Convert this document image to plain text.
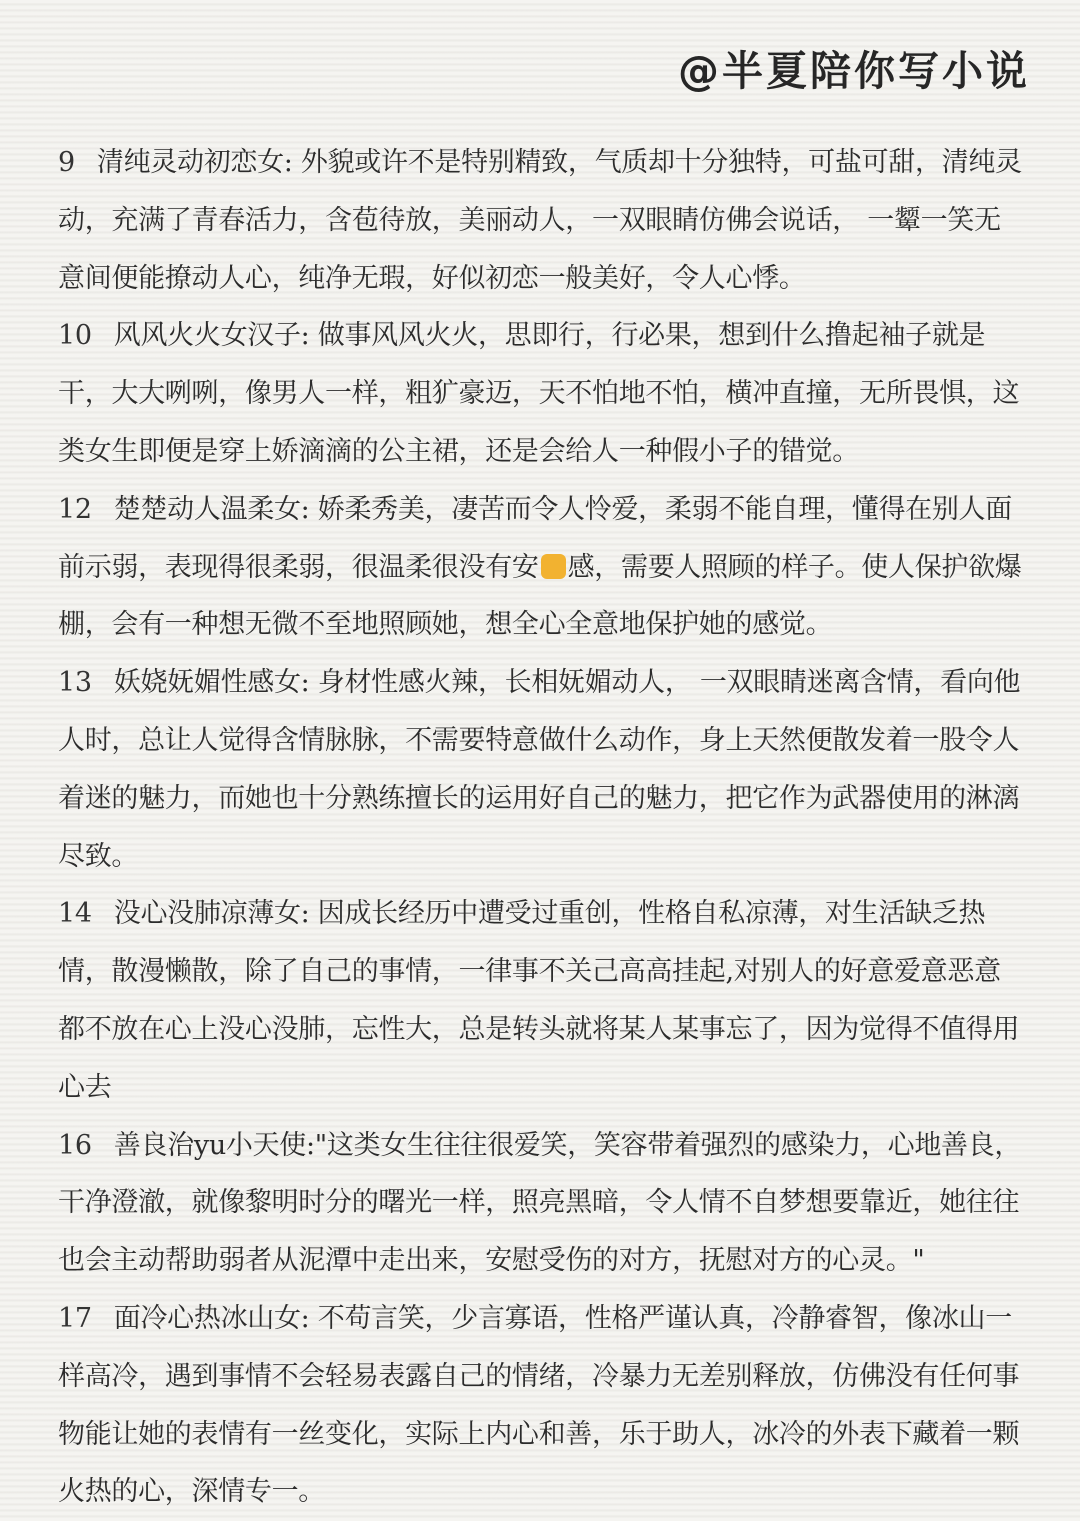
@半夏陪你写小说

9 清纯灵动初恋女: 外貌或许不是特别精致，气质却十分独特，可盐可甜，清纯灵动，充满了青春活力，含苞待放，美丽动人，一双眼睛仿佛会说话， 一颦一笑无意间便能撩动人心，纯净无瑕，好似初恋一般美好，令人心悸。

10 风风火火女汉子: 做事风风火火，思即行，行必果，想到什么撸起袖子就是干，大大咧咧，像男人一样，粗犷豪迈，天不怕地不怕，横冲直撞，无所畏惧，这类女生即便是穿上娇滴滴的公主裙，还是会给人一种假小子的错觉。

12 楚楚动人温柔女: 娇柔秀美，凄苦而令人怜爱，柔弱不能自理，懂得在别人面前示弱，表现得很柔弱，很温柔很没有安 感，需要人照顾的样子。使人保护欲爆棚，会有一种想无微不至地照顾她，想全心全意地保护她的感觉。

13 妖娆妩媚性感女: 身材性感火辣，长相妩媚动人， 一双眼睛迷离含情，看向他人时，总让人觉得含情脉脉，不需要特意做什么动作，身上天然便散发着一股令人着迷的魅力，而她也十分熟练擅长的运用好自己的魅力，把它作为武器使用的淋漓尽致。

14 没心没肺凉薄女: 因成长经历中遭受过重创，性格自私凉薄，对生活缺乏热情，散漫懒散，除了自己的事情，一律事不关己高高挂起,对别人的好意爱意恶意都不放在心上没心没肺，忘性大，总是转头就将某人某事忘了，因为觉得不值得用心去

16 善良治yu小天使:"这类女生往往很爱笑，笑容带着强烈的感染力，心地善良，干净澄澈，就像黎明时分的曙光一样，照亮黑暗，令人情不自梦想要靠近，她往往也会主动帮助弱者从泥潭中走出来，安慰受伤的对方，抚慰对方的心灵。"

17 面冷心热冰山女: 不苟言笑，少言寡语，性格严谨认真，冷静睿智，像冰山一样高冷，遇到事情不会轻易表露自己的情绪，冷暴力无差别释放，仿佛没有任何事物能让她的表情有一丝变化，实际上内心和善，乐于助人，冰冷的外表下藏着一颗火热的心，深情专一。
